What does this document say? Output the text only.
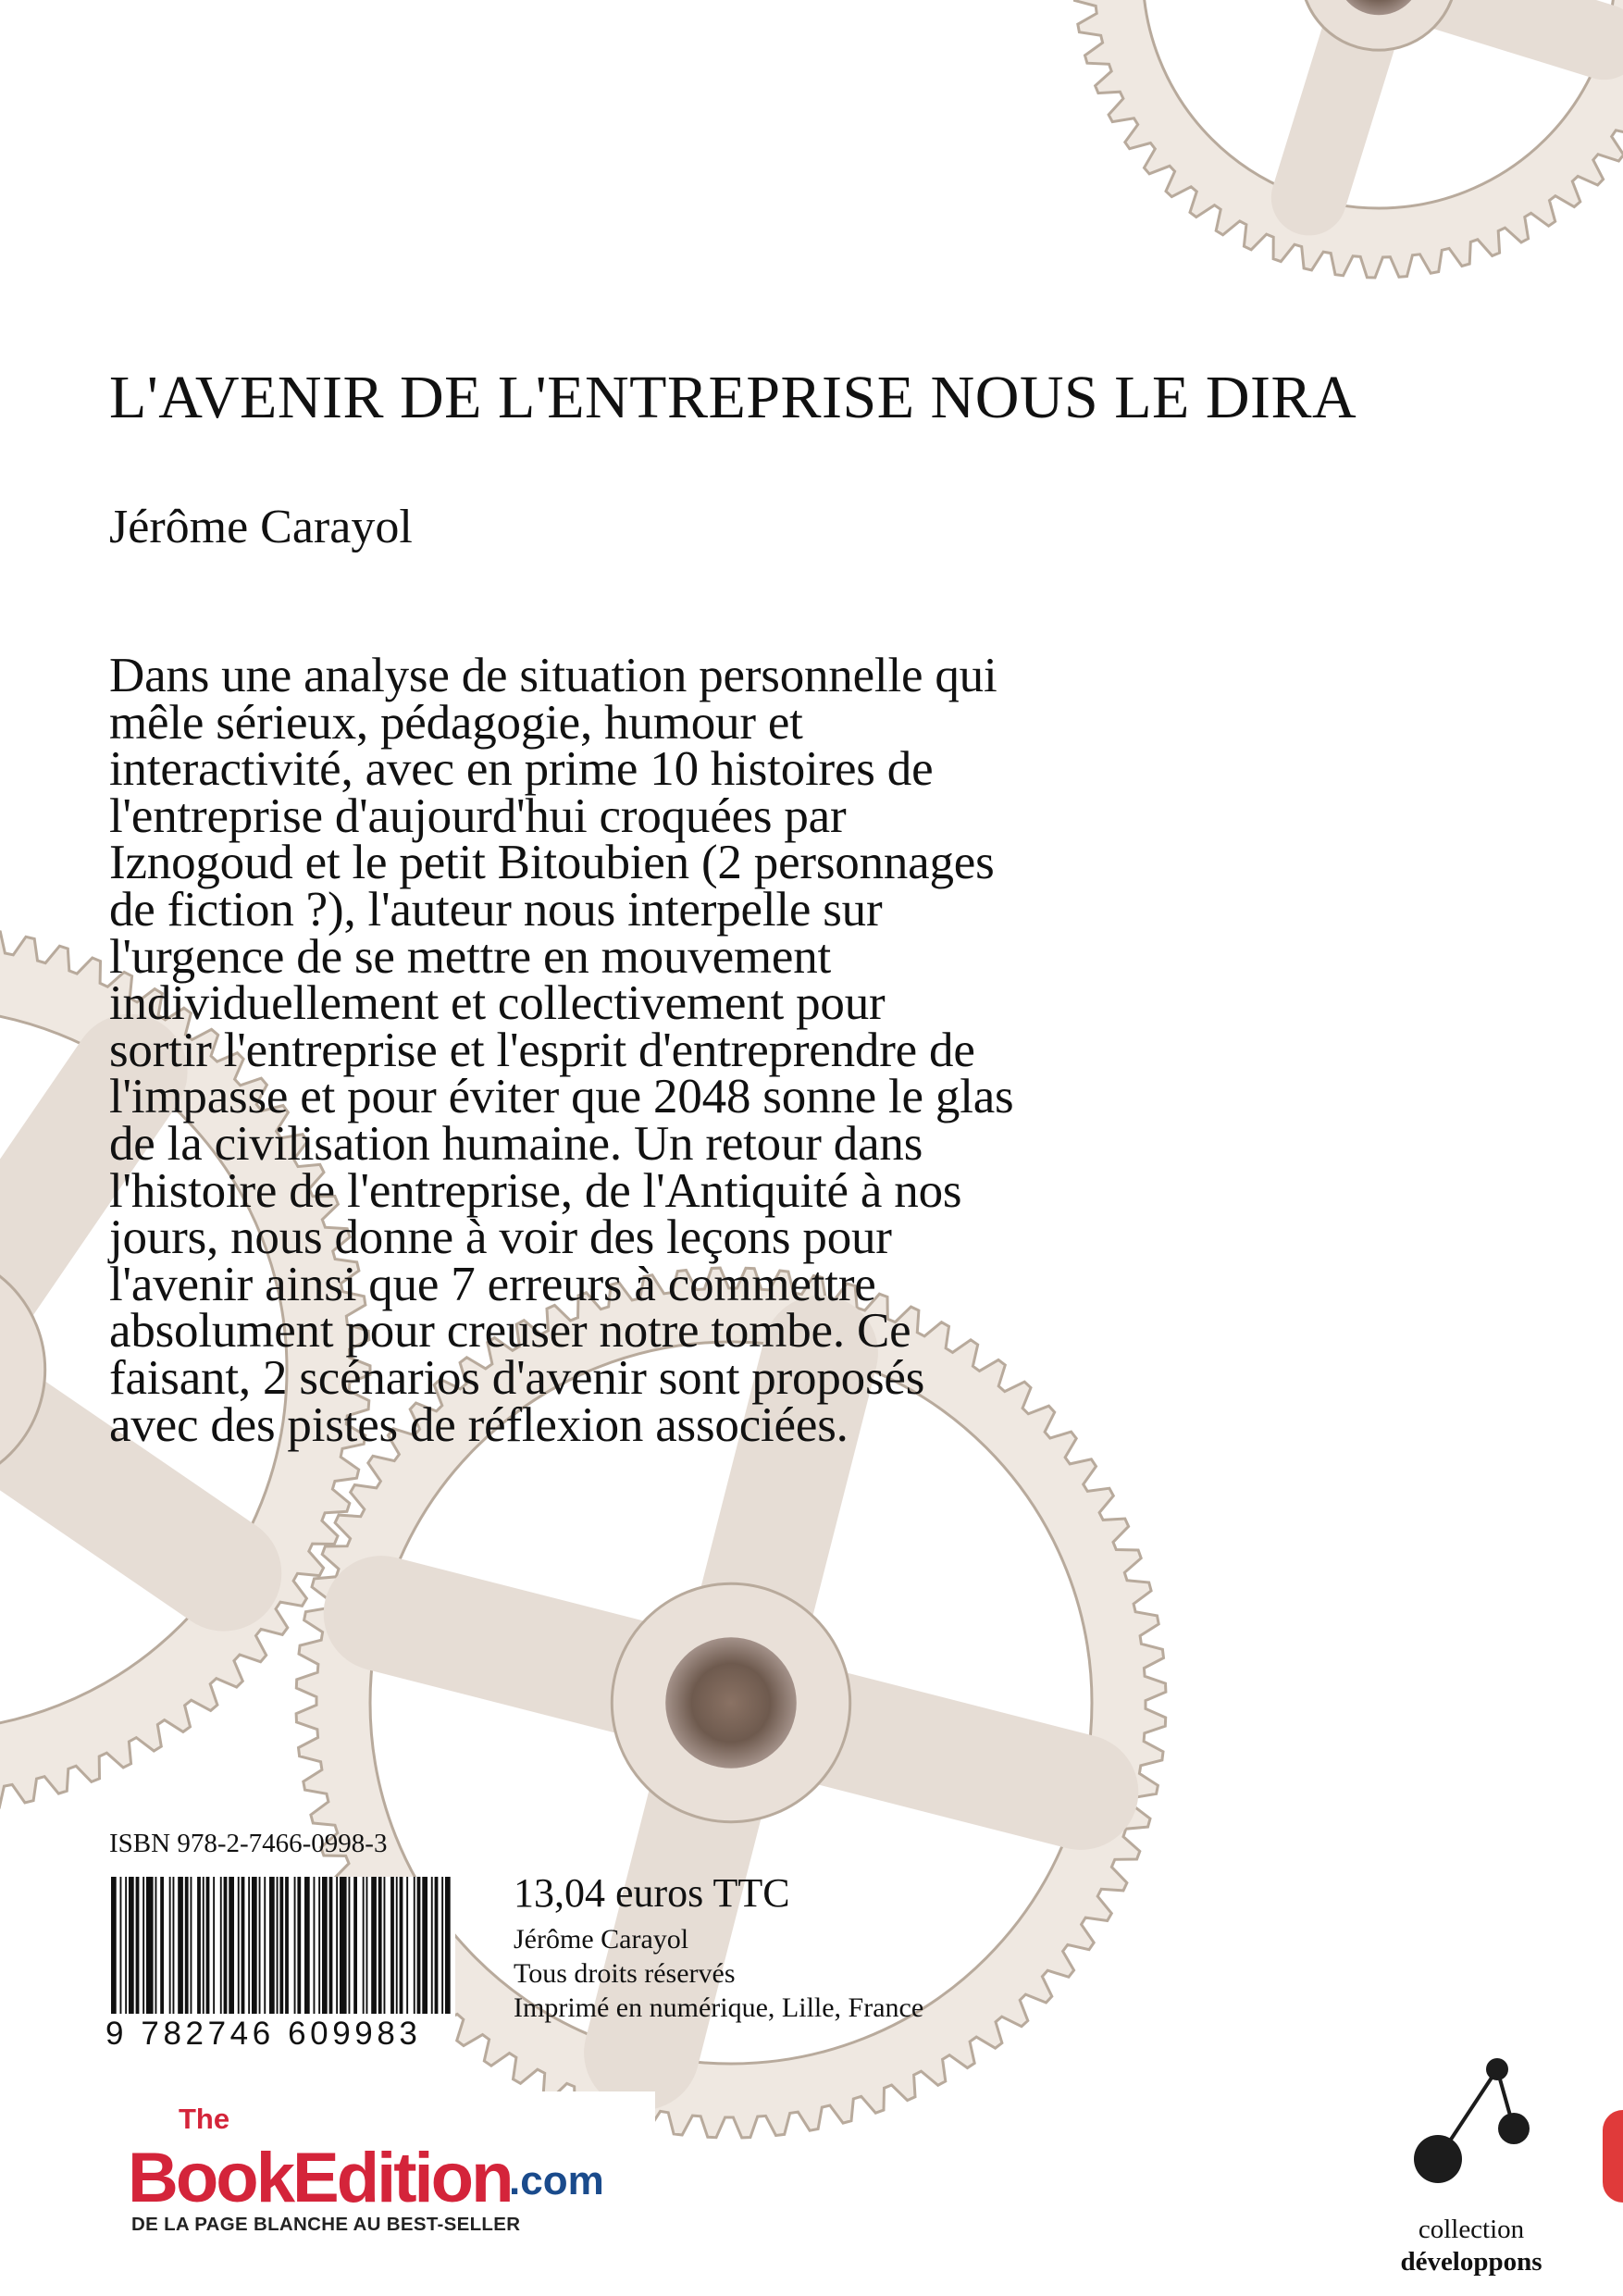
L'AVENIR DE L'ENTREPRISE NOUS LE DIRA
Jérôme Carayol
Dans une analyse de situation personnelle qui
mêle sérieux, pédagogie, humour et
interactivité, avec en prime 10 histoires de
l'entreprise d'aujourd'hui croquées par
Iznogoud et le petit Bitoubien (2 personnages
de fiction ?), l'auteur nous interpelle sur
l'urgence de se mettre en mouvement
individuellement et collectivement pour
sortir l'entreprise et l'esprit d'entreprendre de
l'impasse et pour éviter que 2048 sonne le glas
de la civilisation humaine. Un retour dans
l'histoire de l'entreprise, de l'Antiquité à nos
jours, nous donne à voir des leçons pour
l'avenir ainsi que 7 erreurs à commettre
absolument pour creuser notre tombe. Ce
faisant, 2 scénarios d'avenir sont proposés
avec des pistes de réflexion associées.
ISBN 978-2-7466-0998-3
9 782746 609983
13,04 euros TTC
Jérôme Carayol
Tous droits réservés
Imprimé en numérique, Lille, France
The
BookEdition
.com
DE LA PAGE BLANCHE AU BEST-SELLER	collection
développons
